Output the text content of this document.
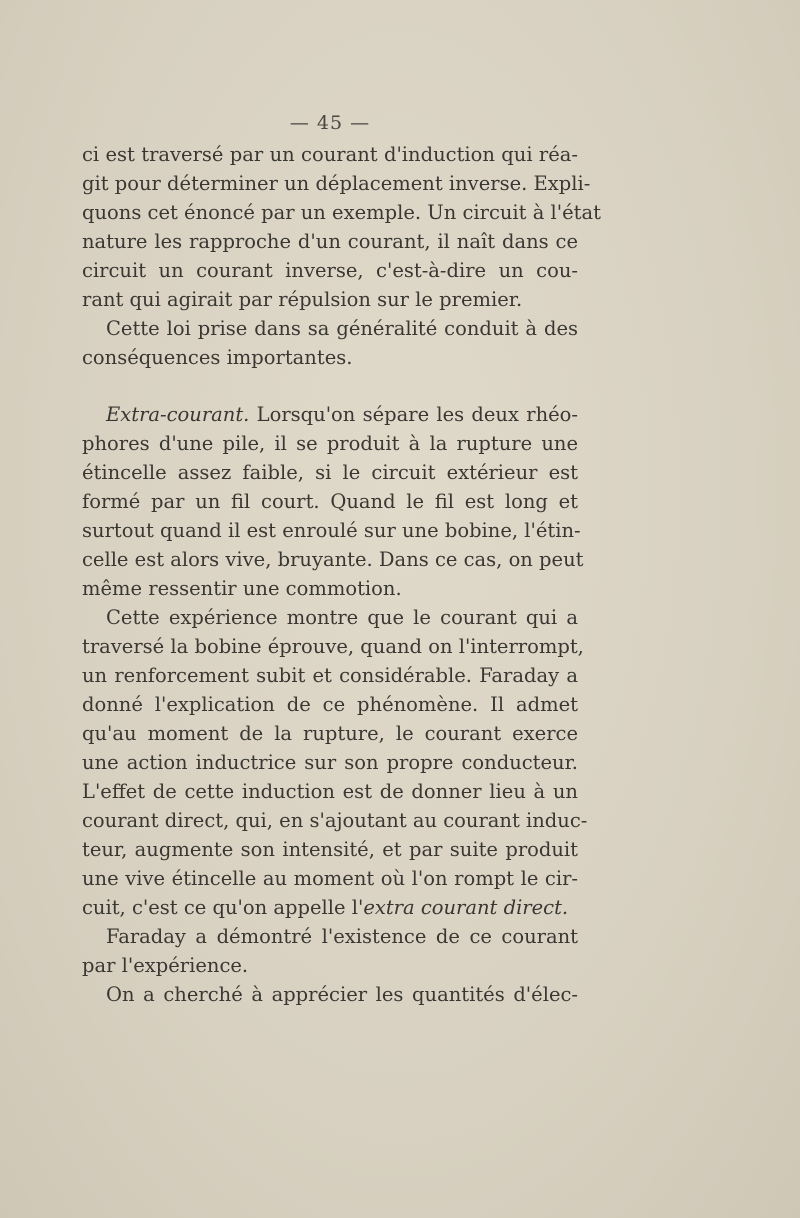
— 45 —
ci est traversé par un courant d'induction qui réa-
git pour déterminer un déplacement inverse. Expli-
quons cet énoncé par un exemple. Un circuit à l'état
nature les rapproche d'un courant, il naît dans ce
circuit un courant inverse, c'est-à-dire un cou-
rant qui agirait par répulsion sur le premier.
Cette loi prise dans sa généralité conduit à des
conséquences importantes.
Extra-courant. Lorsqu'on sépare les deux rhéo-
phores d'une pile, il se produit à la rupture une
étincelle assez faible, si le circuit extérieur est
formé par un fil court. Quand le fil est long et
surtout quand il est enroulé sur une bobine, l'étin-
celle est alors vive, bruyante. Dans ce cas, on peut
même ressentir une commotion.
Cette expérience montre que le courant qui a
traversé la bobine éprouve, quand on l'interrompt,
un renforcement subit et considérable. Faraday a
donné l'explication de ce phénomène. Il admet
qu'au moment de la rupture, le courant exerce
une action inductrice sur son propre conducteur.
L'effet de cette induction est de donner lieu à un
courant direct, qui, en s'ajoutant au courant induc-
teur, augmente son intensité, et par suite produit
une vive étincelle au moment où l'on rompt le cir-
cuit, c'est ce qu'on appelle l'extra courant direct.
Faraday a démontré l'existence de ce courant
par l'expérience.
On a cherché à apprécier les quantités d'élec-
